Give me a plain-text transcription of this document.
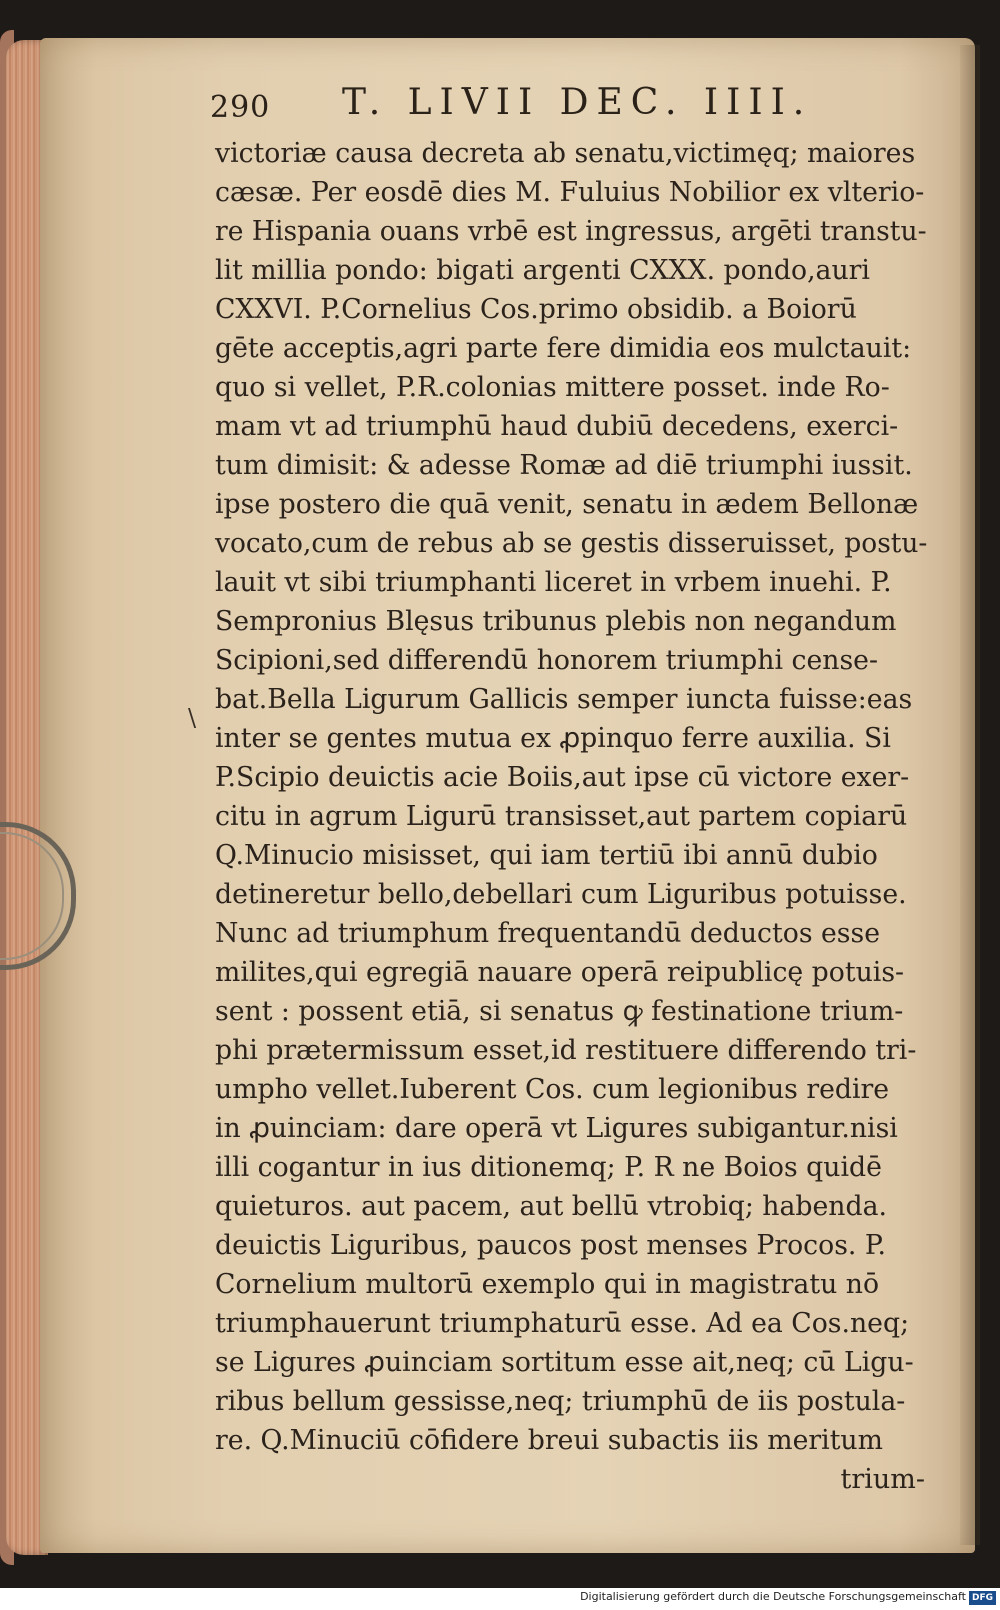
290 T. LIVII DEC. IIII.
\
victoriæ causa decreta ab senatu,victimęq; maiores
cæsæ. Per eosdē dies M. Fuluius Nobilior ex vlterio-
re Hispania ouans vrbē est ingressus, argēti transtu-
lit millia pondo: bigati argenti CXXX. pondo,auri
CXXVI. P.Cornelius Cos.primo obsidib. a Boiorū
gēte acceptis,agri parte fere dimidia eos mulctauit:
quo si vellet, P.R.colonias mittere posset. inde Ro-
mam vt ad triumphū haud dubiū decedens, exerci-
tum dimisit: & adesse Romæ ad diē triumphi iussit.
ipse postero die quā venit, senatu in ædem Bellonæ
vocato,cum de rebus ab se gestis disseruisset, postu-
lauit vt sibi triumphanti liceret in vrbem inuehi. P.
Sempronius Blęsus tribunus plebis non negandum
Scipioni,sed differendū honorem triumphi cense-
bat.Bella Ligurum Gallicis semper iuncta fuisse:eas
inter se gentes mutua ex ꝓpinquo ferre auxilia. Si
P.Scipio deuictis acie Boiis,aut ipse cū victore exer-
citu in agrum Ligurū transisset,aut partem copiarū
Q.Minucio misisset, qui iam tertiū ibi annū dubio
detineretur bello,debellari cum Liguribus potuisse.
Nunc ad triumphum frequentandū deductos esse
milites,qui egregiā nauare operā reipublicę potuis-
sent : possent etiā, si senatus ꝙ festinatione trium-
phi prætermissum esset,id restituere differendo tri-
umpho vellet.Iuberent Cos. cum legionibus redire
in ꝓuinciam: dare operā vt Ligures subigantur.nisi
illi cogantur in ius ditionemq; P. R ne Boios quidē
quieturos. aut pacem, aut bellū vtrobiq; habenda.
deuictis Liguribus, paucos post menses Procos. P.
Cornelium multorū exemplo qui in magistratu nō
triumphauerunt triumphaturū esse. Ad ea Cos.neq;
se Ligures ꝓuinciam sortitum esse ait,neq; cū Ligu-
ribus bellum gessisse,neq; triumphū de iis postula-
re. Q.Minuciū cōfidere breui subactis iis meritum
trium-
Digitalisierung gefördert durch die Deutsche Forschungsgemeinschaft DFG
